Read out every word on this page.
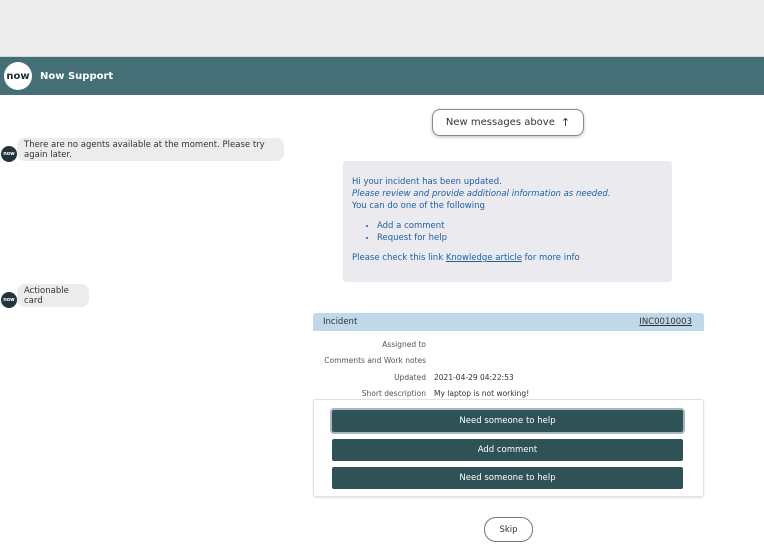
now Now Support
New messages above ↑
now
There are no agents available at the moment. Please try again later.
Hi your incident has been updated.
Please review and provide additional information as needed.
You can do one of the following
• Add a comment
• Request for help
Please check this link Knowledge article for more info
now
Actionable card
Incident	INC0010003
Assigned to
Comments and Work notes
Updated 2021-04-29 04:22:53
Short description My laptop is not working!
Need someone to help
Add comment
Need someone to help
Skip
